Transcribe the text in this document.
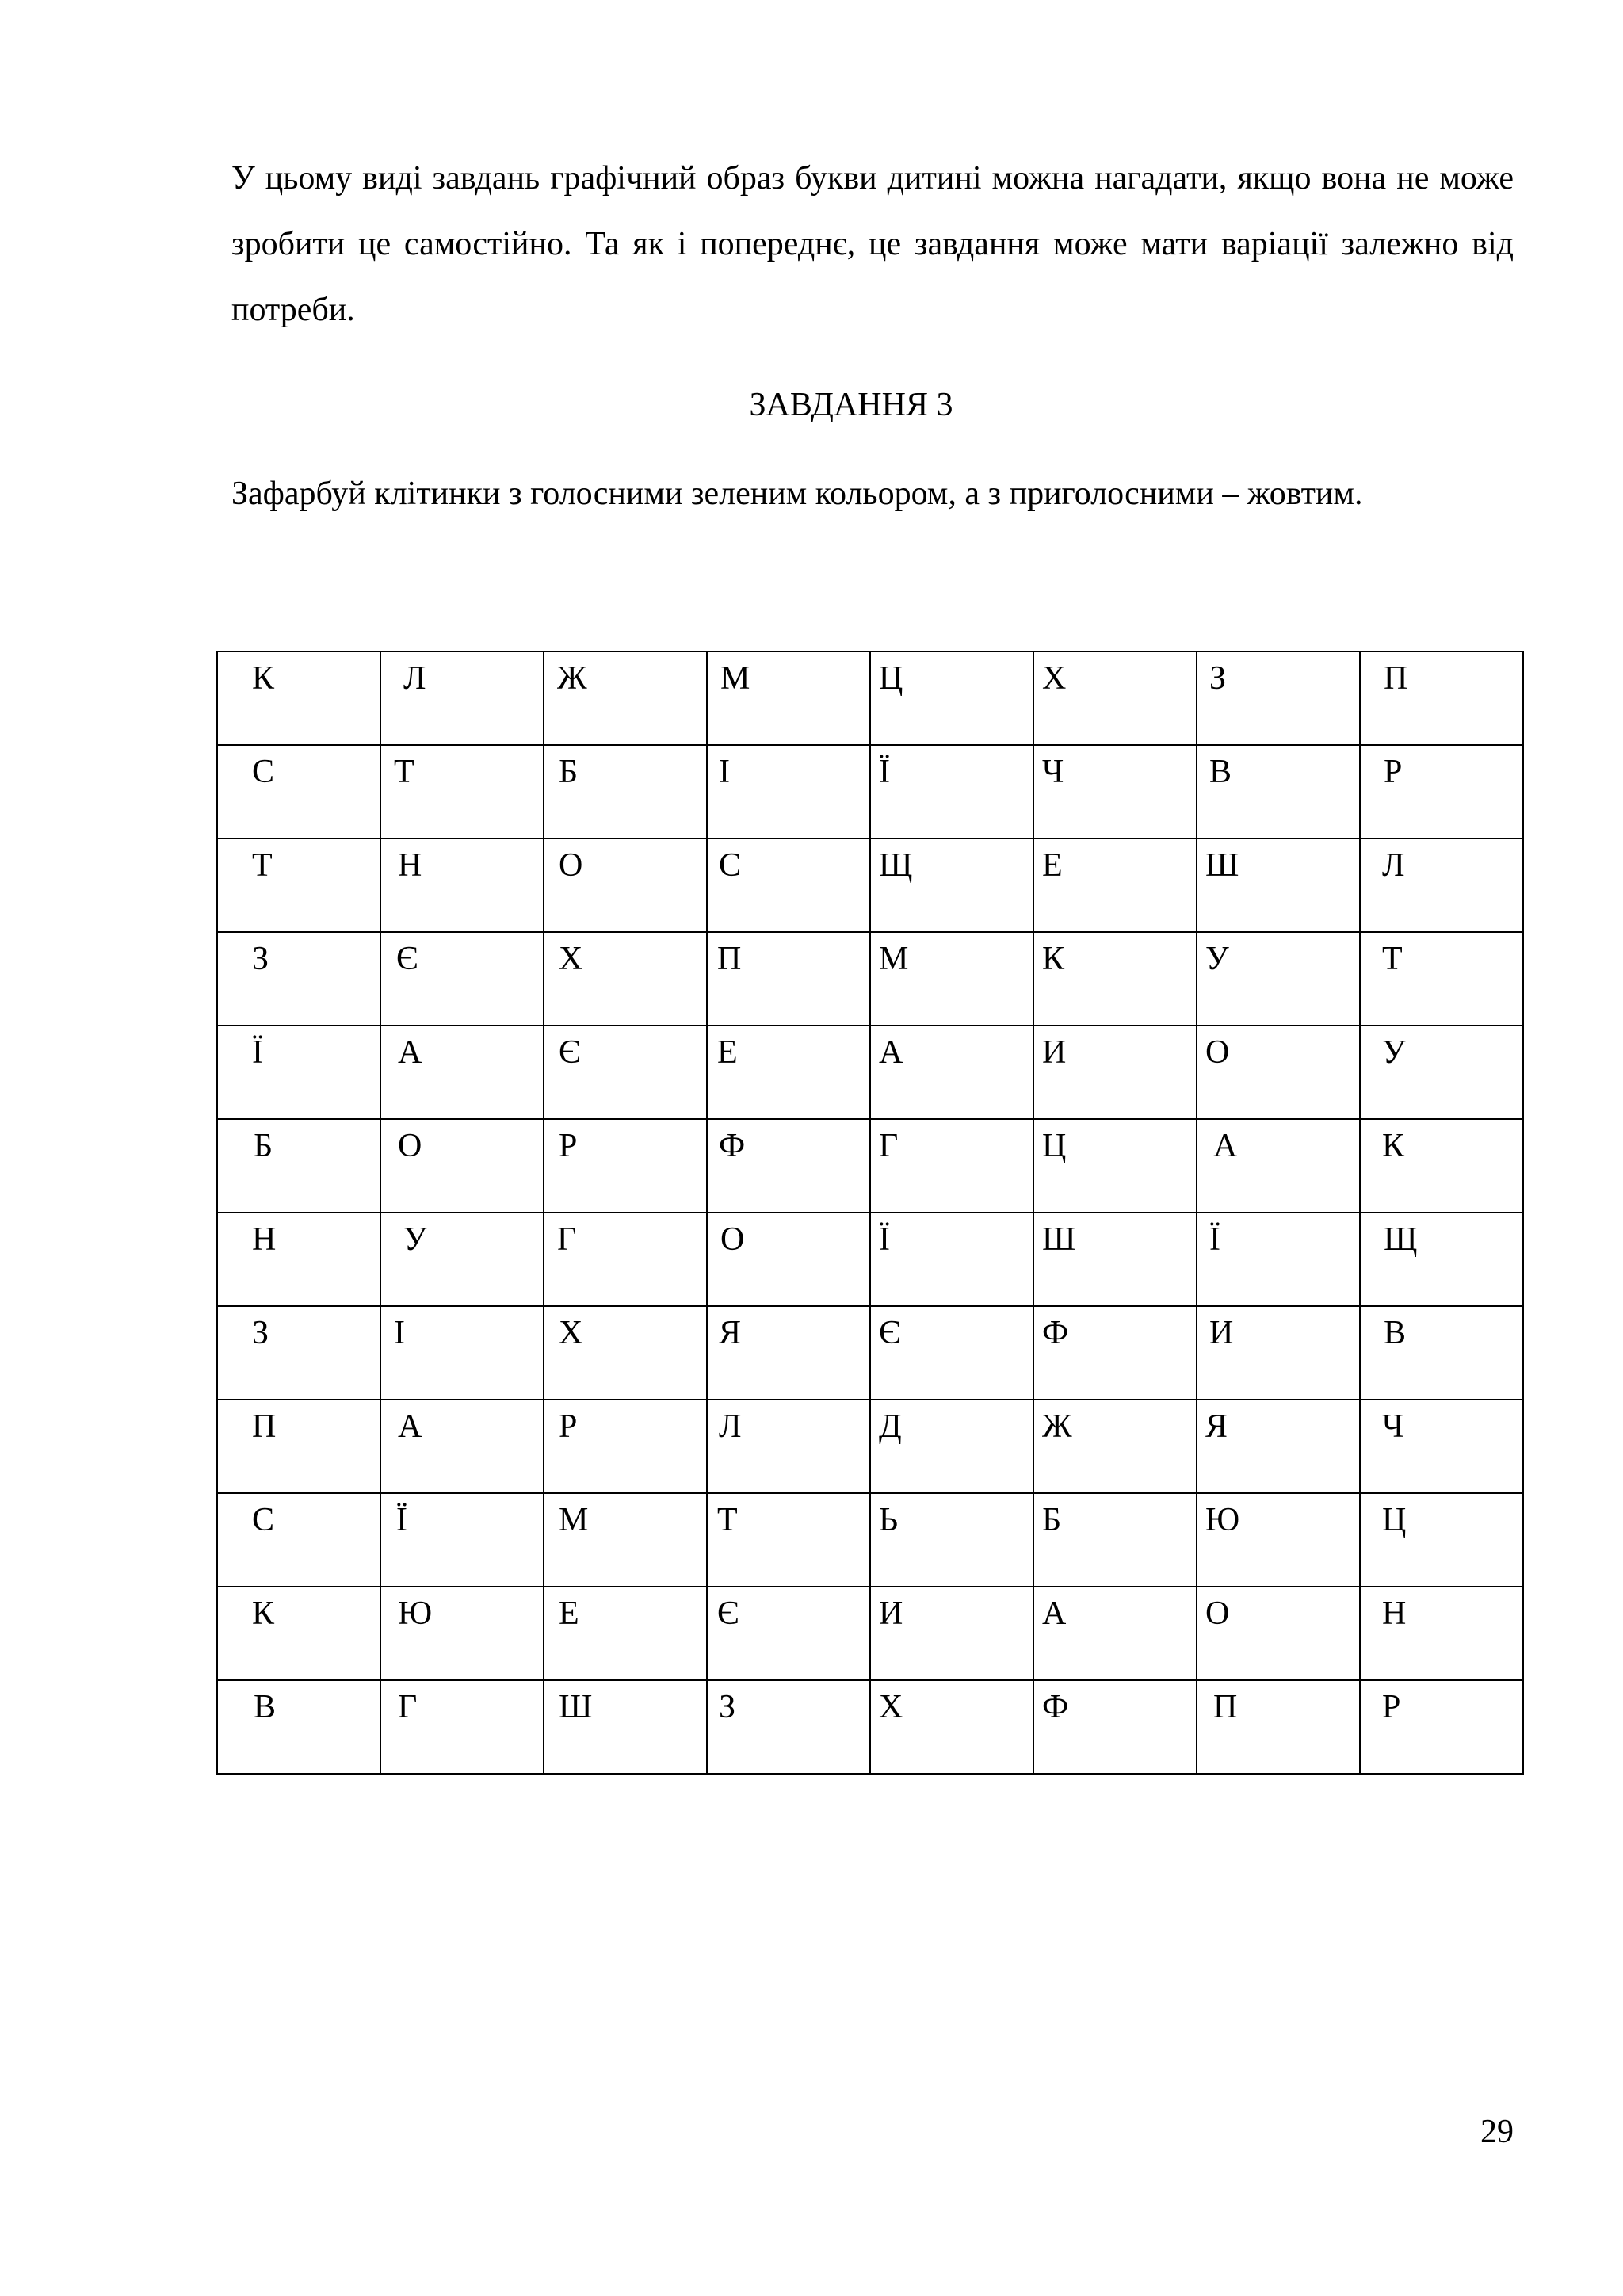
У цьому виді завдань графічний образ букви дитині можна нагадати, якщо вона не може зробити це самостійно. Та як і попереднє, це завдання може мати варіації залежно від потреби.
ЗАВДАННЯ 3
Зафарбуй клітинки з голосними зеленим кольором, а з приголосними – жовтим.
К	Л	Ж	М	Ц	Х	З	П

С	Т	Б	І	Ї	Ч	В	Р

Т	Н	О	С	Щ	Е	Ш	Л

З	Є	Х	П	М	К	У	Т

Ї	А	Є	Е	А	И	О	У

Б	О	Р	Ф	Г	Ц	А	К

Н	У	Г	О	Ї	Ш	Ї	Щ

З	І	Х	Я	Є	Ф	И	В

П	А	Р	Л	Д	Ж	Я	Ч

С	Ї	М	Т	Ь	Б	Ю	Ц

К	Ю	Е	Є	И	А	О	Н

В	Г	Ш	З	Х	Ф	П	Р
29
